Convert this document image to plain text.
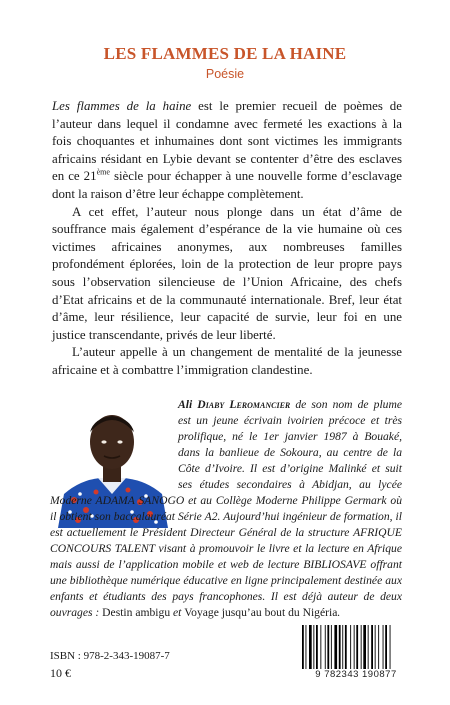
LES FLAMMES DE LA HAINE
Poésie

Les flammes de la haine est le premier recueil de poèmes de l’auteur dans lequel il condamne avec fermeté les exactions à la fois choquantes et inhumaines dont sont victimes les immigrants africains résidant en Lybie devant se contenter d’être des esclaves en ce 21ème siècle pour échapper à une nouvelle forme d’esclavage dont la raison d’être leur échappe complètement.

A cet effet, l’auteur nous plonge dans un état d’âme de souffrance mais également d’espérance de la vie humaine où ces victimes africaines anonymes, aux nombreuses familles profondément éplorées, loin de la protection de leur propre pays sous l’observation silencieuse de l’Union Africaine, des chefs d’Etat africains et de la communauté internationale. Bref, leur état d’âme, leur résilience, leur capacité de survie, leur foi en une justice transcendante, privés de leur liberté.

L’auteur appelle à un changement de mentalité de la jeunesse africaine et à combattre l’immigration clandestine.

Ali Diaby Leromancier de son nom de plume est un jeune écrivain ivoirien précoce et très prolifique, né le 1er janvier 1987 à Bouaké, dans la banlieue de Sokoura, au centre de la Côte d’Ivoire. Il est d’origine Malinké et suit ses études secondaires à Abidjan, au lycée Moderne ADAMA SANOGO et au Collège Moderne Philippe Germark où il obtient son baccalauréat Série A2. Aujourd’hui ingénieur de formation, il est actuellement le Président Directeur Général de la structure AFRIQUE CONCOURS TALENT visant à promouvoir le livre et la lecture en Afrique mais aussi de l’application mobile et web de lecture BIBLIOSAVE offrant une bibliothèque numérique éducative en ligne principalement destinée aux enfants et étudiants des pays francophones. Il est déjà auteur de deux ouvrages : Destin ambigu et Voyage jusqu’au bout du Nigéria.
ISBN : 978-2-343-19087-7
10 €	9 782343 190877
